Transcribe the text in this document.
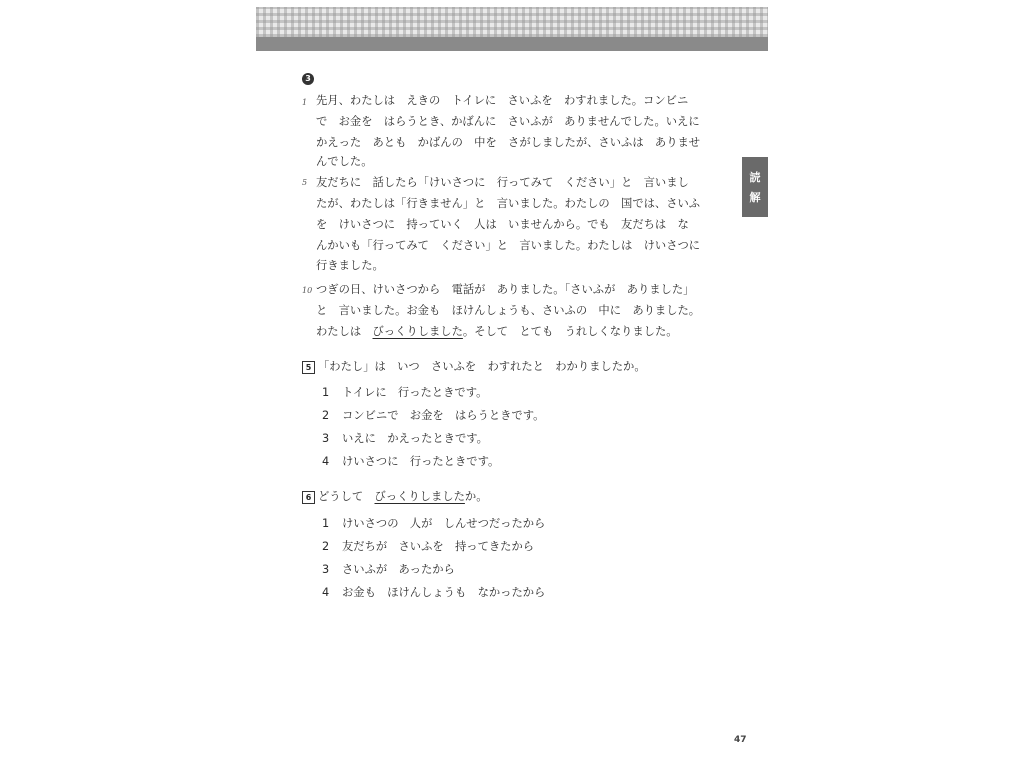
読
解
3
1
5
10
先月、わたしは　えきの　トイレに　さいふを　わすれました。コンビニ
で　お金を　はらうとき、かばんに　さいふが　ありませんでした。いえに
かえった　あとも　かばんの　中を　さがしましたが、さいふは　ありませ
んでした。
友だちに　話したら「けいさつに　行ってみて　ください」と　言いまし
たが、わたしは「行きません」と　言いました。わたしの　国では、さいふ
を　けいさつに　持っていく　人は　いませんから。でも　友だちは　な
んかいも「行ってみて　ください」と　言いました。わたしは　けいさつに
行きました。
つぎの日、けいさつから　電話が　ありました。「さいふが　ありました」
と　言いました。お金も　ほけんしょうも、さいふの　中に　ありました。
わたしは　びっくりしました。そして　とても　うれしくなりました。
5 「わたし」は　いつ　さいふを　わすれたと　わかりましたか。
1 トイレに　行ったときです。
2 コンビニで　お金を　はらうときです。
3 いえに　かえったときです。
4 けいさつに　行ったときです。
6 どうして　びっくりしましたか。
1 けいさつの　人が　しんせつだったから
2 友だちが　さいふを　持ってきたから
3 さいふが　あったから
4 お金も　ほけんしょうも　なかったから
47
